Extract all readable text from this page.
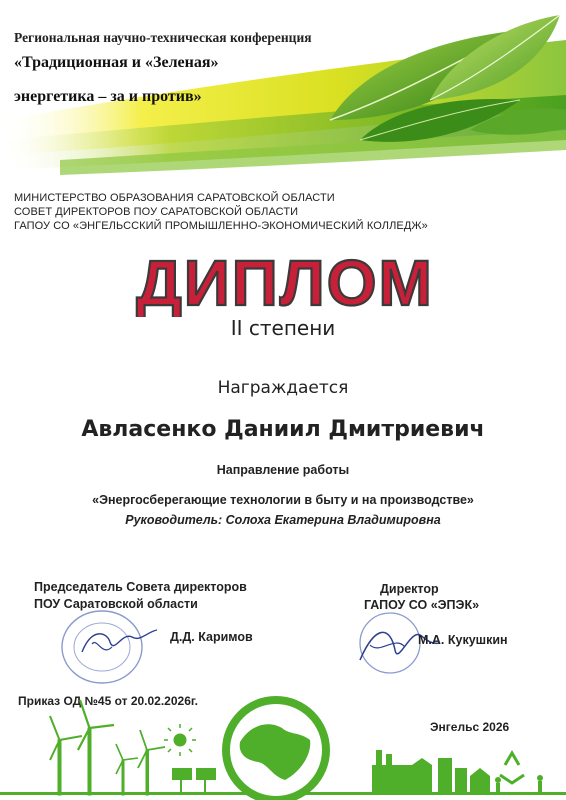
Региональная научно-техническая конференция
«Традиционная и «Зеленая»
энергетика – за и против»
МИНИСТЕРСТВО ОБРАЗОВАНИЯ САРАТОВСКОЙ ОБЛАСТИ
СОВЕТ ДИРЕКТОРОВ ПОУ САРАТОВСКОЙ ОБЛАСТИ
ГАПОУ СО «ЭНГЕЛЬССКИЙ ПРОМЫШЛЕННО-ЭКОНОМИЧЕСКИЙ КОЛЛЕДЖ»
ДИПЛОМ
II степени
Награждается
Авласенко Даниил Дмитриевич
Направление работы
«Энергосберегающие технологии в быту и на производстве»
Руководитель: Солоха Екатерина Владимировна
Председатель Совета директоров
ПОУ Саратовской области
Д.Д. Каримов
Директор
ГАПОУ СО «ЭПЭК»
М.А. Кукушкин
Приказ ОД №45 от 20.02.2026г.
Энгельс 2026
